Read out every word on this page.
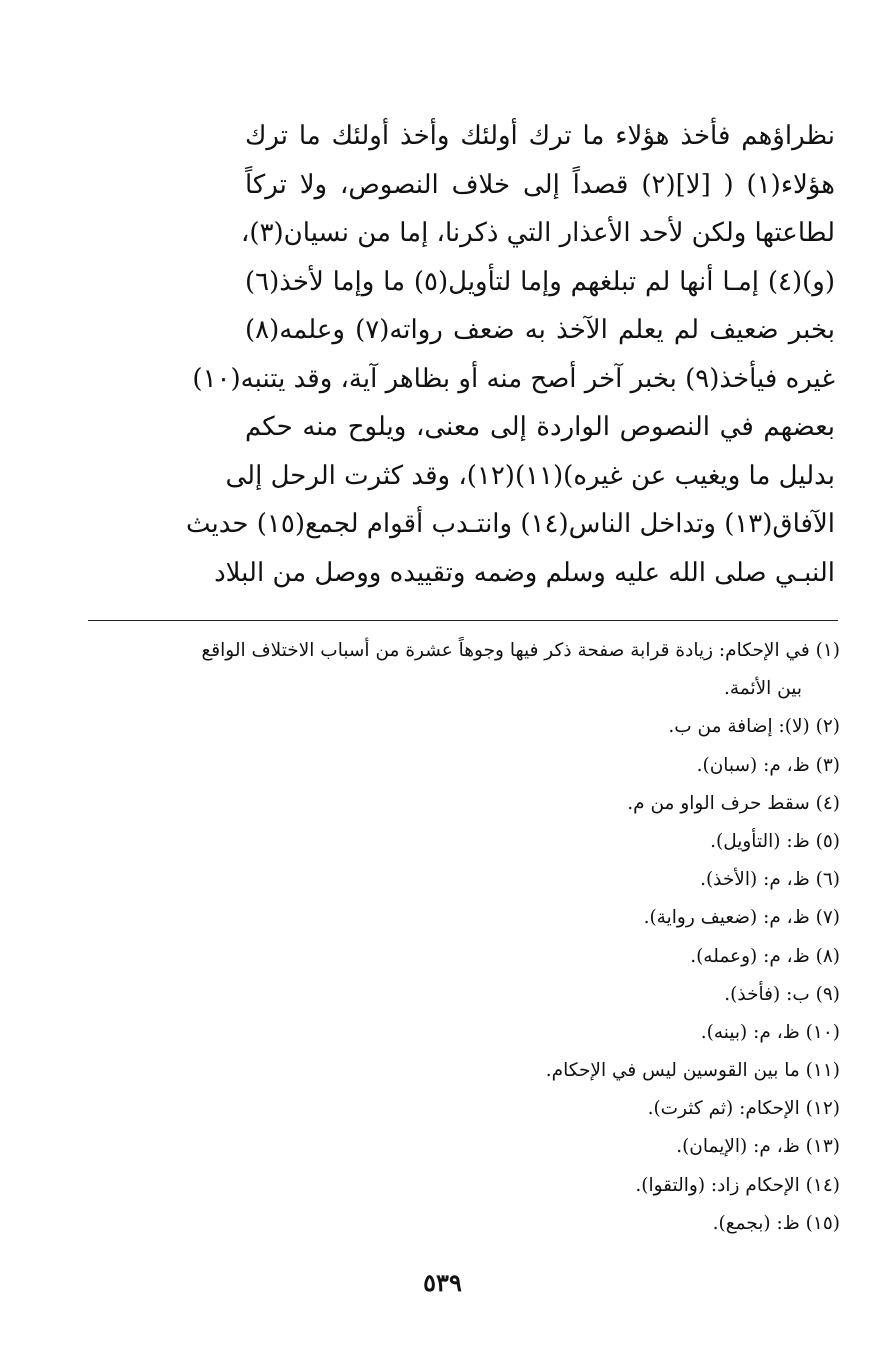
نظراؤهم فأخذ هؤلاء ما ترك أولئك وأخذ أولئك ما ترك
هؤلاء(١) ( [لا](٢) قصداً إلى خلاف النصوص، ولا تركاً
لطاعتها ولكن لأحد الأعذار التي ذكرنا، إما من نسيان(٣)،
(و)(٤) إمـا أنها لم تبلغهم وإما لتأويل(٥) ما وإما لأخذ(٦)
بخبر ضعيف لم يعلم الآخذ به ضعف رواته(٧) وعلمه(٨)
غيره فيأخذ(٩) بخبر آخر أصح منه أو بظاهر آية، وقد يتنبه(١٠)
بعضهم في النصوص الواردة إلى معنى، ويلوح منه حكم
بدليل ما ويغيب عن غيره)(١١)(١٢)، وقد كثرت الرحل إلى
الآفاق(١٣) وتداخل الناس(١٤) وانتـدب أقوام لجمع(١٥) حديث
النبـي صلى الله عليه وسلم وضمه وتقييده ووصل من البلاد
(١) في الإحكام: زيادة قرابة صفحة ذكر فيها وجوهاً عشرة من أسباب الاختلاف الواقع
بين الأئمة.
(٢) (لا): إضافة من ب.
(٣) ظ، م: (سبان).
(٤) سقط حرف الواو من م.
(٥) ظ: (التأويل).
(٦) ظ، م: (الأخذ).
(٧) ظ، م: (ضعيف رواية).
(٨) ظ، م: (وعمله).
(٩) ب: (فأخذ).
(١٠) ظ، م: (بينه).
(١١) ما بين القوسين ليس في الإحكام.
(١٢) الإحكام: (ثم كثرت).
(١٣) ظ، م: (الإيمان).
(١٤) الإحكام زاد: (والتقوا).
(١٥) ظ: (بجمع).
٥٣٩
